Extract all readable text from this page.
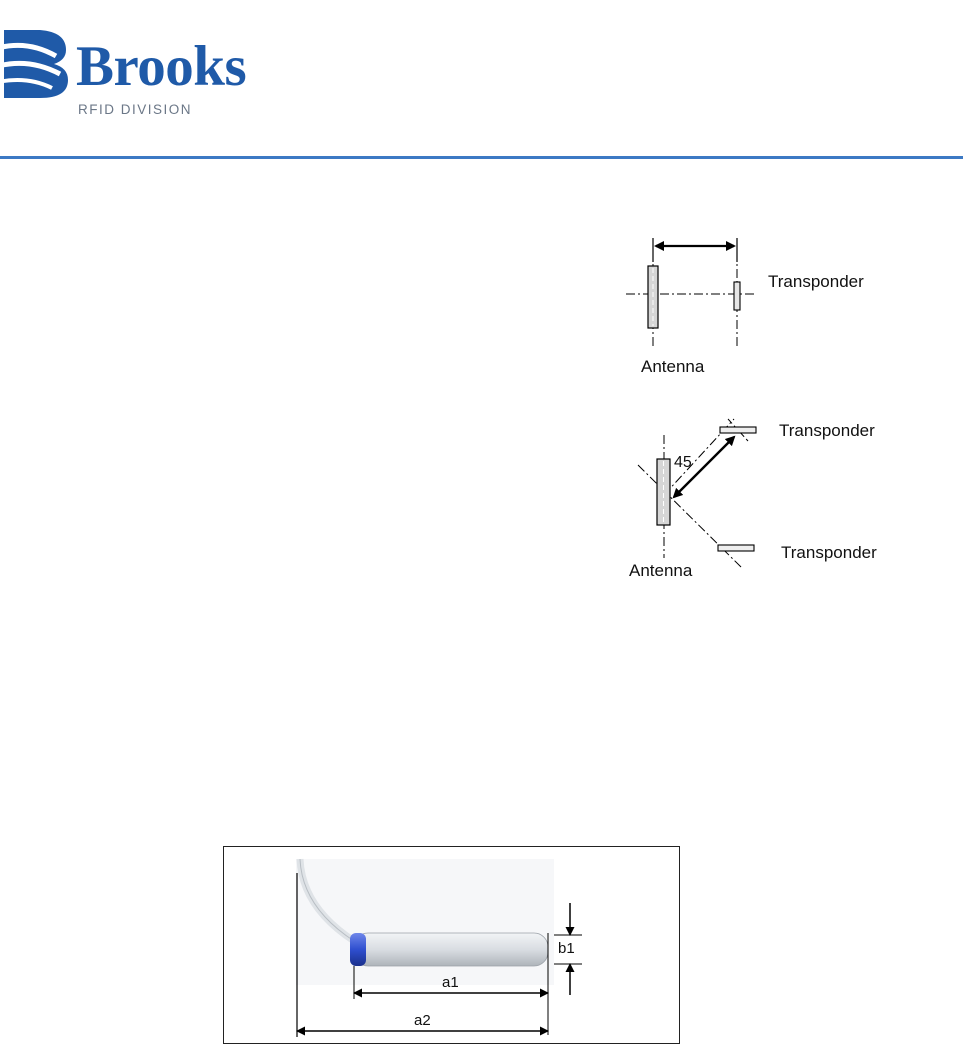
Brooks
RFID DIVISION
Transponder
Antenna
45
Transponder
Transponder
Antenna
a1
a2
b1
